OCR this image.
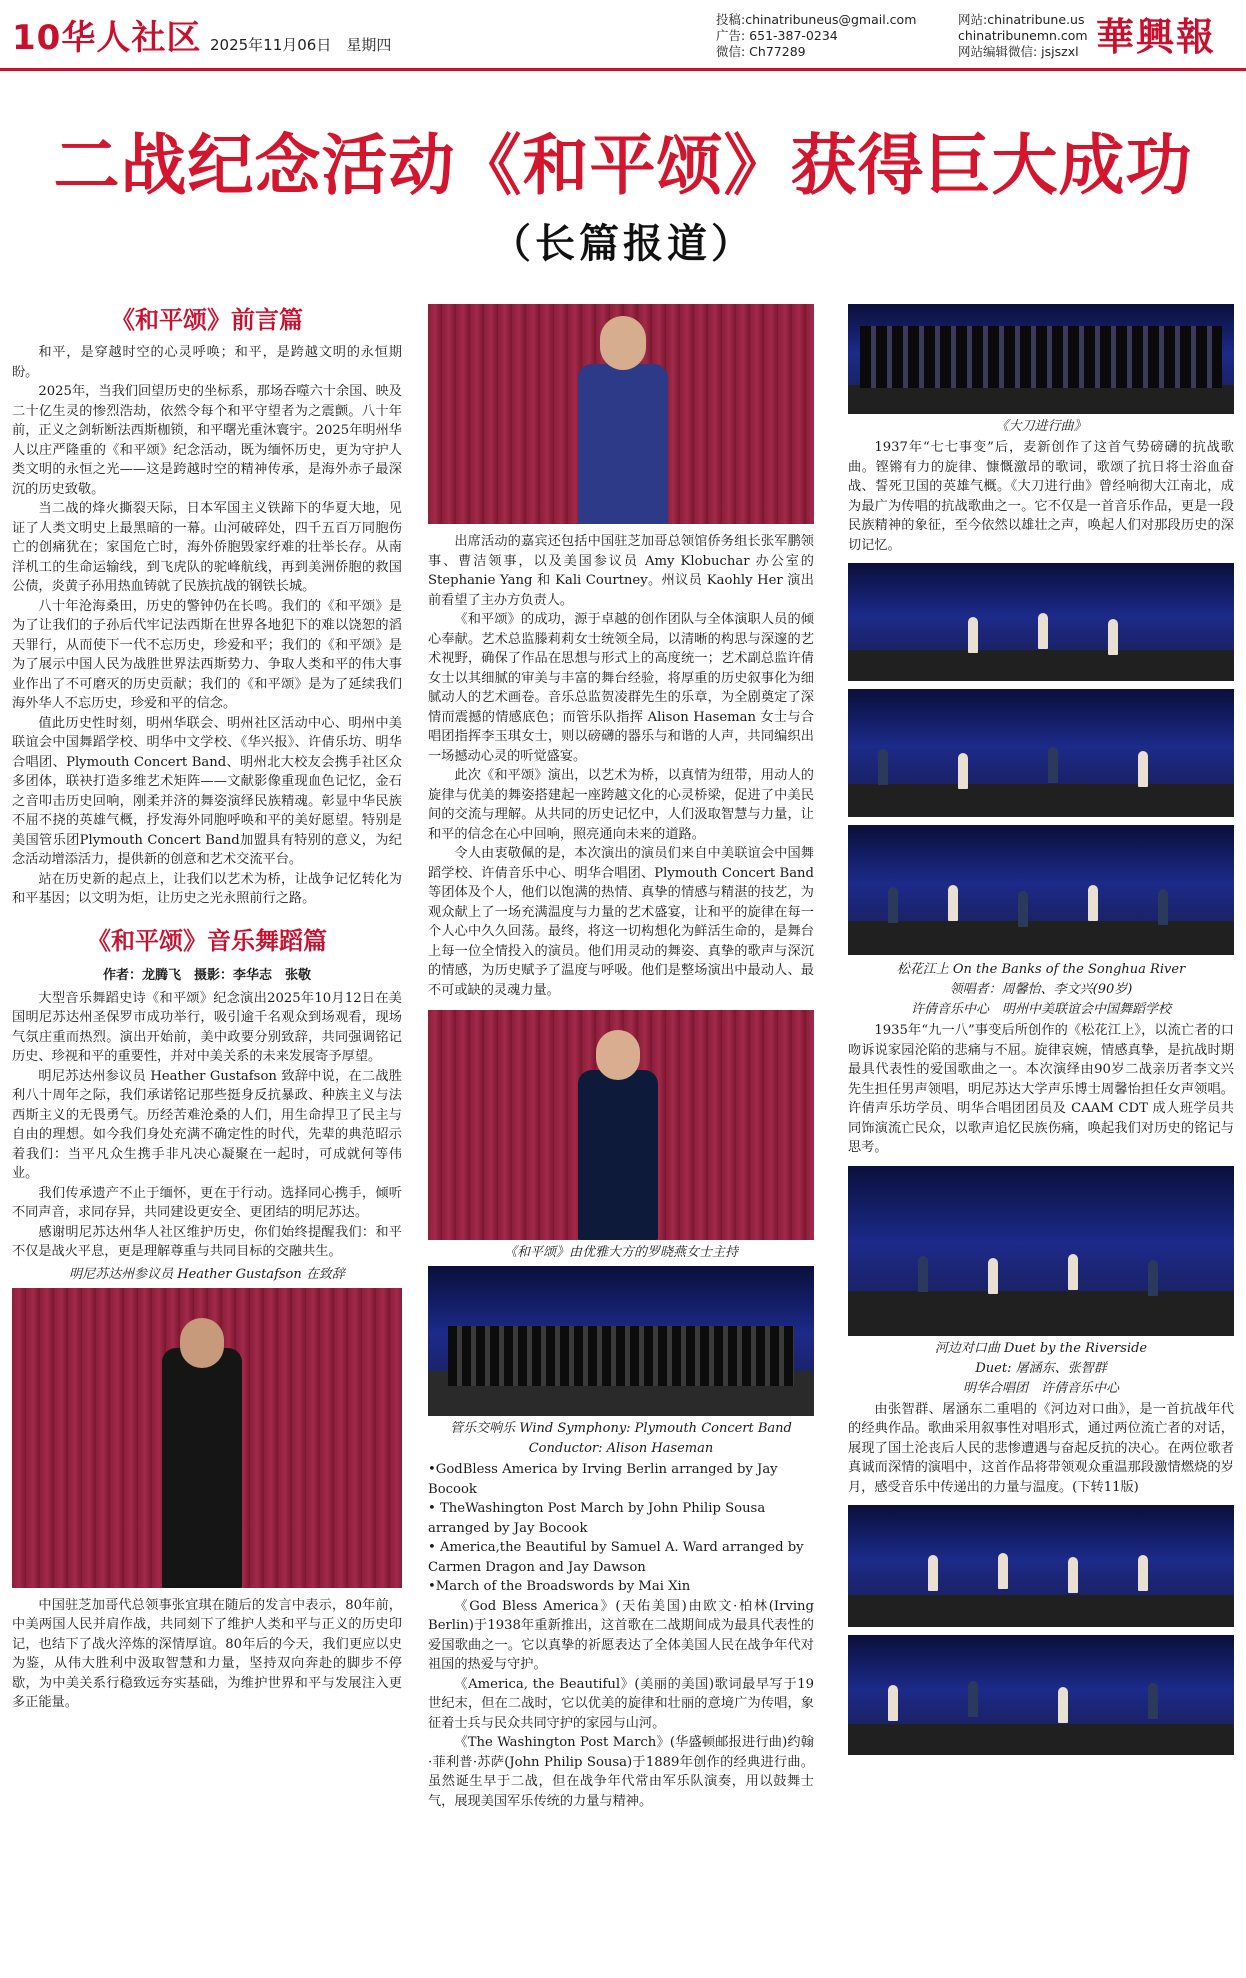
10华人社区 2025年11月06日　星期四
投稿:chinatribuneus@gmail.com
广告: 651-387-0234
微信: Ch77289
网站:chinatribune.us
chinatribunemn.com
网站编辑微信: jsjszxl 華興報
二战纪念活动《和平颂》获得巨大成功
（长篇报道）
《和平颂》前言篇

和平，是穿越时空的心灵呼唤；和平，是跨越文明的永恒期盼。

2025年，当我们回望历史的坐标系，那场吞噬六十余国、映及二十亿生灵的惨烈浩劫，依然令每个和平守望者为之震颤。八十年前，正义之剑斩断法西斯枷锁，和平曙光重沐寰宇。2025年明州华人以庄严隆重的《和平颂》纪念活动，既为缅怀历史，更为守护人类文明的永恒之光——这是跨越时空的精神传承，是海外赤子最深沉的历史致敬。

当二战的烽火撕裂天际，日本军国主义铁蹄下的华夏大地，见证了人类文明史上最黑暗的一幕。山河破碎处，四千五百万同胞伤亡的创痛犹在；家国危亡时，海外侨胞毁家纾难的壮举长存。从南洋机工的生命运输线，到飞虎队的驼峰航线，再到美洲侨胞的救国公债，炎黄子孙用热血铸就了民族抗战的钢铁长城。

八十年沧海桑田，历史的警钟仍在长鸣。我们的《和平颂》是为了让我们的子孙后代牢记法西斯在世界各地犯下的难以饶恕的滔天罪行，从而使下一代不忘历史，珍爱和平；我们的《和平颂》是为了展示中国人民为战胜世界法西斯势力、争取人类和平的伟大事业作出了不可磨灭的历史贡献；我们的《和平颂》是为了延续我们海外华人不忘历史，珍爱和平的信念。

值此历史性时刻，明州华联会、明州社区活动中心、明州中美联谊会中国舞蹈学校、明华中文学校、《华兴报》、许倩乐坊、明华合唱团、Plymouth Concert Band、明州北大校友会携手社区众多团体，联袂打造多维艺术矩阵——文献影像重现血色记忆，金石之音叩击历史回响，刚柔并济的舞姿演绎民族精魂。彰显中华民族不屈不挠的英雄气概，抒发海外同胞呼唤和平的美好愿望。特别是美国管乐团Plymouth Concert Band加盟具有特别的意义，为纪念活动增添活力，提供新的创意和艺术交流平台。

站在历史新的起点上，让我们以艺术为桥，让战争记忆转化为和平基因；以文明为炬，让历史之光永照前行之路。

《和平颂》音乐舞蹈篇
作者：龙腾飞　摄影：李华志　张敬

大型音乐舞蹈史诗《和平颂》纪念演出2025年10月12日在美国明尼苏达州圣保罗市成功举行，吸引逾千名观众到场观看，现场气氛庄重而热烈。演出开始前，美中政要分别致辞，共同强调铭记历史、珍视和平的重要性，并对中美关系的未来发展寄予厚望。

明尼苏达州参议员 Heather Gustafson 致辞中说，在二战胜利八十周年之际，我们承诺铭记那些挺身反抗暴政、种族主义与法西斯主义的无畏勇气。历经苦难沧桑的人们，用生命捍卫了民主与自由的理想。如今我们身处充满不确定性的时代，先辈的典范昭示着我们：当平凡众生携手非凡决心凝聚在一起时，可成就何等伟业。

我们传承遗产不止于缅怀，更在于行动。选择同心携手，倾听不同声音，求同存异，共同建设更安全、更团结的明尼苏达。

感谢明尼苏达州华人社区维护历史，你们始终提醒我们：和平不仅是战火平息，更是理解尊重与共同目标的交融共生。

明尼苏达州参议员 Heather Gustafson 在致辞

中国驻芝加哥代总领事张宜琪在随后的发言中表示，80年前，中美两国人民并肩作战，共同刻下了维护人类和平与正义的历史印记，也结下了战火淬炼的深情厚谊。80年后的今天，我们更应以史为鉴，从伟大胜利中汲取智慧和力量，坚持双向奔赴的脚步不停歇，为中美关系行稳致远夯实基础，为维护世界和平与发展注入更多正能量。

出席活动的嘉宾还包括中国驻芝加哥总领馆侨务组长张军鹏领事、曹洁领事，以及美国参议员 Amy Klobuchar 办公室的 Stephanie Yang 和 Kali Courtney。州议员 Kaohly Her 演出前看望了主办方负责人。

《和平颂》的成功，源于卓越的创作团队与全体演职人员的倾心奉献。艺术总监滕莉莉女士统领全局，以清晰的构思与深邃的艺术视野，确保了作品在思想与形式上的高度统一；艺术副总监许倩女士以其细腻的审美与丰富的舞台经验，将厚重的历史叙事化为细腻动人的艺术画卷。音乐总监贺凌群先生的乐章，为全剧奠定了深情而震撼的情感底色；而管乐队指挥 Alison Haseman 女士与合唱团指挥李玉琪女士，则以磅礴的器乐与和谐的人声，共同编织出一场撼动心灵的听觉盛宴。

此次《和平颂》演出，以艺术为桥，以真情为纽带，用动人的旋律与优美的舞姿搭建起一座跨越文化的心灵桥梁，促进了中美民间的交流与理解。从共同的历史记忆中，人们汲取智慧与力量，让和平的信念在心中回响，照亮通向未来的道路。

令人由衷敬佩的是，本次演出的演员们来自中美联谊会中国舞蹈学校、许倩音乐中心、明华合唱团、Plymouth Concert Band 等团体及个人，他们以饱满的热情、真挚的情感与精湛的技艺，为观众献上了一场充满温度与力量的艺术盛宴，让和平的旋律在每一个人心中久久回荡。最终，将这一切构想化为鲜活生命的，是舞台上每一位全情投入的演员。他们用灵动的舞姿、真挚的歌声与深沉的情感，为历史赋予了温度与呼吸。他们是整场演出中最动人、最不可或缺的灵魂力量。

《和平颂》由优雅大方的罗晓燕女士主持
管乐交响乐 Wind Symphony: Plymouth Concert Band
Conductor: Alison Haseman
•GodBless America by Irving Berlin arranged by Jay Bocook
• TheWashington Post March by John Philip Sousa arranged by Jay Bocook
• America,the Beautiful by Samuel A. Ward arranged by Carmen Dragon and Jay Dawson
•March of the Broadswords by Mai Xin

《God Bless America》(天佑美国)由欧文·柏林(Irving Berlin)于1938年重新推出，这首歌在二战期间成为最具代表性的爱国歌曲之一。它以真挚的祈愿表达了全体美国人民在战争年代对祖国的热爱与守护。

《America, the Beautiful》(美丽的美国)歌词最早写于19世纪末，但在二战时，它以优美的旋律和壮丽的意境广为传唱，象征着士兵与民众共同守护的家园与山河。

《The Washington Post March》(华盛顿邮报进行曲)约翰·菲利普·苏萨(John Philip Sousa)于1889年创作的经典进行曲。虽然诞生早于二战，但在战争年代常由军乐队演奏，用以鼓舞士气，展现美国军乐传统的力量与精神。

《大刀进行曲》

1937年“七七事变”后，麦新创作了这首气势磅礴的抗战歌曲。铿锵有力的旋律、慷慨激昂的歌词，歌颂了抗日将士浴血奋战、誓死卫国的英雄气概。《大刀进行曲》曾经响彻大江南北，成为最广为传唱的抗战歌曲之一。它不仅是一首音乐作品，更是一段民族精神的象征，至今依然以雄壮之声，唤起人们对那段历史的深切记忆。

松花江上 On the Banks of the Songhua River
领唱者：周馨怡、李文兴(90岁)
许倩音乐中心　明州中美联谊会中国舞蹈学校

1935年“九一八”事变后所创作的《松花江上》，以流亡者的口吻诉说家园沦陷的悲痛与不屈。旋律哀婉，情感真挚，是抗战时期最具代表性的爱国歌曲之一。本次演绎由90岁二战亲历者李文兴先生担任男声领唱，明尼苏达大学声乐博士周馨怡担任女声领唱。许倩声乐坊学员、明华合唱团团员及 CAAM CDT 成人班学员共同饰演流亡民众，以歌声追忆民族伤痛，唤起我们对历史的铭记与思考。

河边对口曲 Duet by the Riverside
Duet: 屠涵东、张智群
明华合唱团　许倩音乐中心

由张智群、屠涵东二重唱的《河边对口曲》，是一首抗战年代的经典作品。歌曲采用叙事性对唱形式，通过两位流亡者的对话，展现了国土沦丧后人民的悲惨遭遇与奋起反抗的决心。在两位歌者真诚而深情的演唱中，这首作品将带领观众重温那段激情燃烧的岁月，感受音乐中传递出的力量与温度。(下转11版)
